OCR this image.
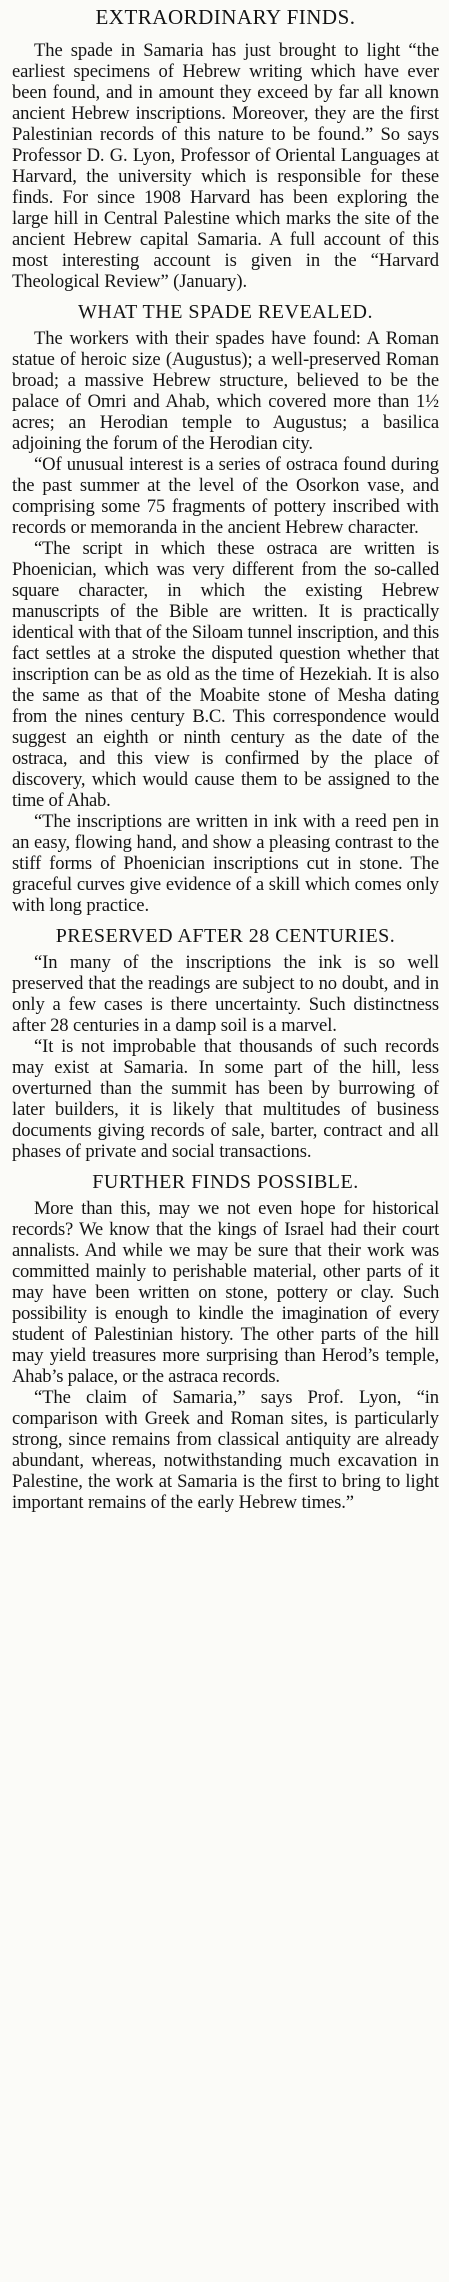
EXTRAORDINARY FINDS.

The spade in Samaria has just brought to light “the earliest specimens of Hebrew writing which have ever been found, and in amount they exceed by far all known ancient Hebrew inscriptions. Moreover, they are the first Palestinian records of this nature to be found.” So says Professor D. G. Lyon, Professor of Oriental Languages at Harvard, the university which is responsible for these finds. For since 1908 Harvard has been exploring the large hill in Central Palestine which marks the site of the ancient Hebrew capital Samaria. A full account of this most interesting account is given in the “Harvard Theological Review” (January).

WHAT THE SPADE REVEALED.

The workers with their spades have found: A Roman statue of heroic size (Augustus); a well-preserved Roman broad; a massive Hebrew structure, believed to be the palace of Omri and Ahab, which covered more than 1½ acres; an Herodian temple to Augustus; a basilica adjoining the forum of the Herodian city.

“Of unusual interest is a series of ostraca found during the past summer at the level of the Osorkon vase, and comprising some 75 fragments of pottery inscribed with records or memoranda in the ancient Hebrew character.

“The script in which these ostraca are written is Phoenician, which was very different from the so-called square character, in which the existing Hebrew manuscripts of the Bible are written. It is practically identical with that of the Siloam tunnel inscription, and this fact settles at a stroke the disputed question whether that inscription can be as old as the time of Hezekiah. It is also the same as that of the Moabite stone of Mesha dating from the nines century B.C. This correspondence would suggest an eighth or ninth century as the date of the ostraca, and this view is confirmed by the place of discovery, which would cause them to be assigned to the time of Ahab.

“The inscriptions are written in ink with a reed pen in an easy, flowing hand, and show a pleasing contrast to the stiff forms of Phoenician inscriptions cut in stone. The graceful curves give evidence of a skill which comes only with long practice.

PRESERVED AFTER 28 CENTURIES.

“In many of the inscriptions the ink is so well preserved that the readings are subject to no doubt, and in only a few cases is there uncertainty. Such distinctness after 28 centuries in a damp soil is a marvel.

“It is not improbable that thousands of such records may exist at Samaria. In some part of the hill, less overturned than the summit has been by burrowing of later builders, it is likely that multitudes of business documents giving records of sale, barter, contract and all phases of private and social transactions.

FURTHER FINDS POSSIBLE.

More than this, may we not even hope for historical records? We know that the kings of Israel had their court annalists. And while we may be sure that their work was committed mainly to perishable material, other parts of it may have been written on stone, pottery or clay. Such possibility is enough to kindle the imagination of every student of Palestinian history. The other parts of the hill may yield treasures more surprising than Herod’s temple, Ahab’s palace, or the astraca records.

“The claim of Samaria,” says Prof. Lyon, “in comparison with Greek and Roman sites, is particularly strong, since remains from classical antiquity are already abundant, whereas, notwithstanding much excavation in Palestine, the work at Samaria is the first to bring to light important remains of the early Hebrew times.”
